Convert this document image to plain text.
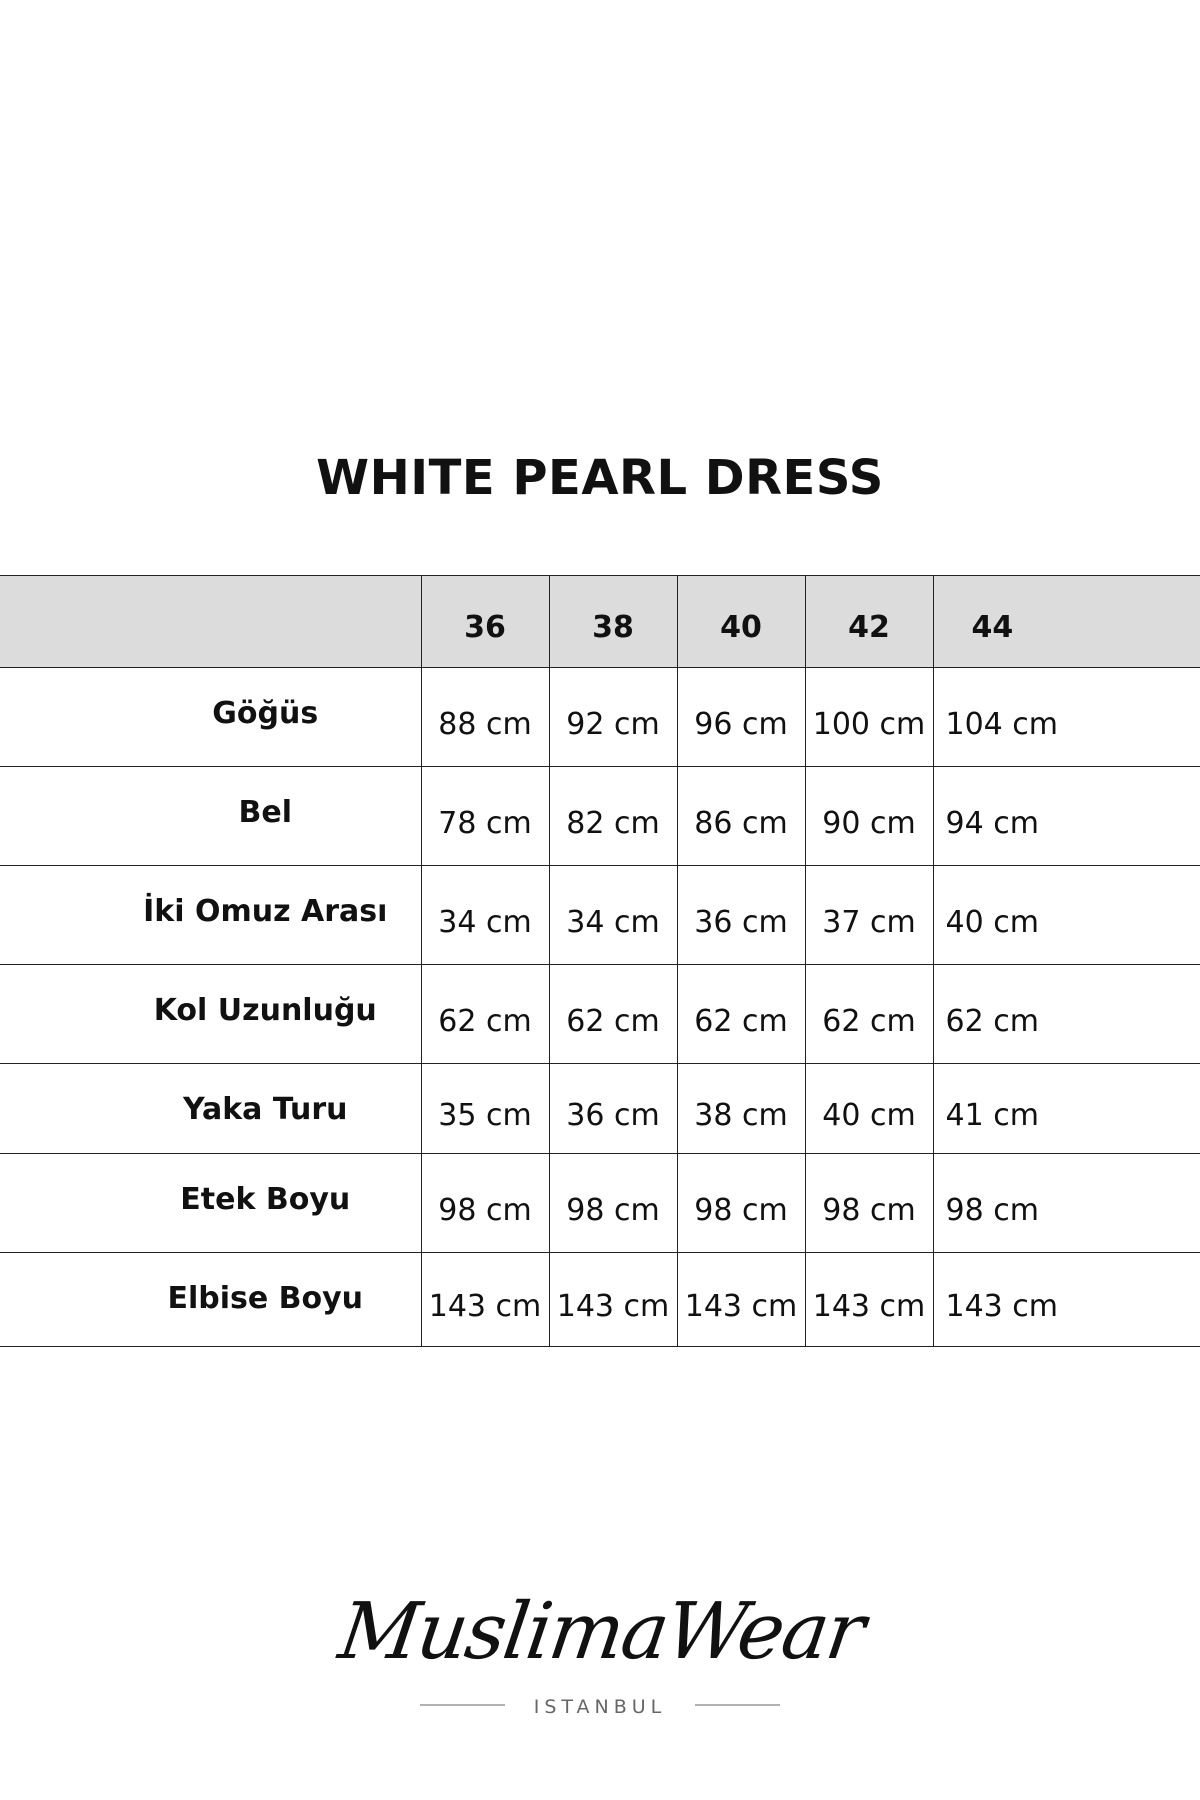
WHITE PEARL DRESS
	36	38	40	42	44
Göğüs	88 cm	92 cm	96 cm	100 cm	104 cm
Bel	78 cm	82 cm	86 cm	90 cm	94 cm
İki Omuz Arası	34 cm	34 cm	36 cm	37 cm	40 cm
Kol Uzunluğu	62 cm	62 cm	62 cm	62 cm	62 cm
Yaka Turu	35 cm	36 cm	38 cm	40 cm	41 cm
Etek Boyu	98 cm	98 cm	98 cm	98 cm	98 cm
Elbise Boyu	143 cm	143 cm	143 cm	143 cm	143 cm
MuslimaWear
ISTANBUL
